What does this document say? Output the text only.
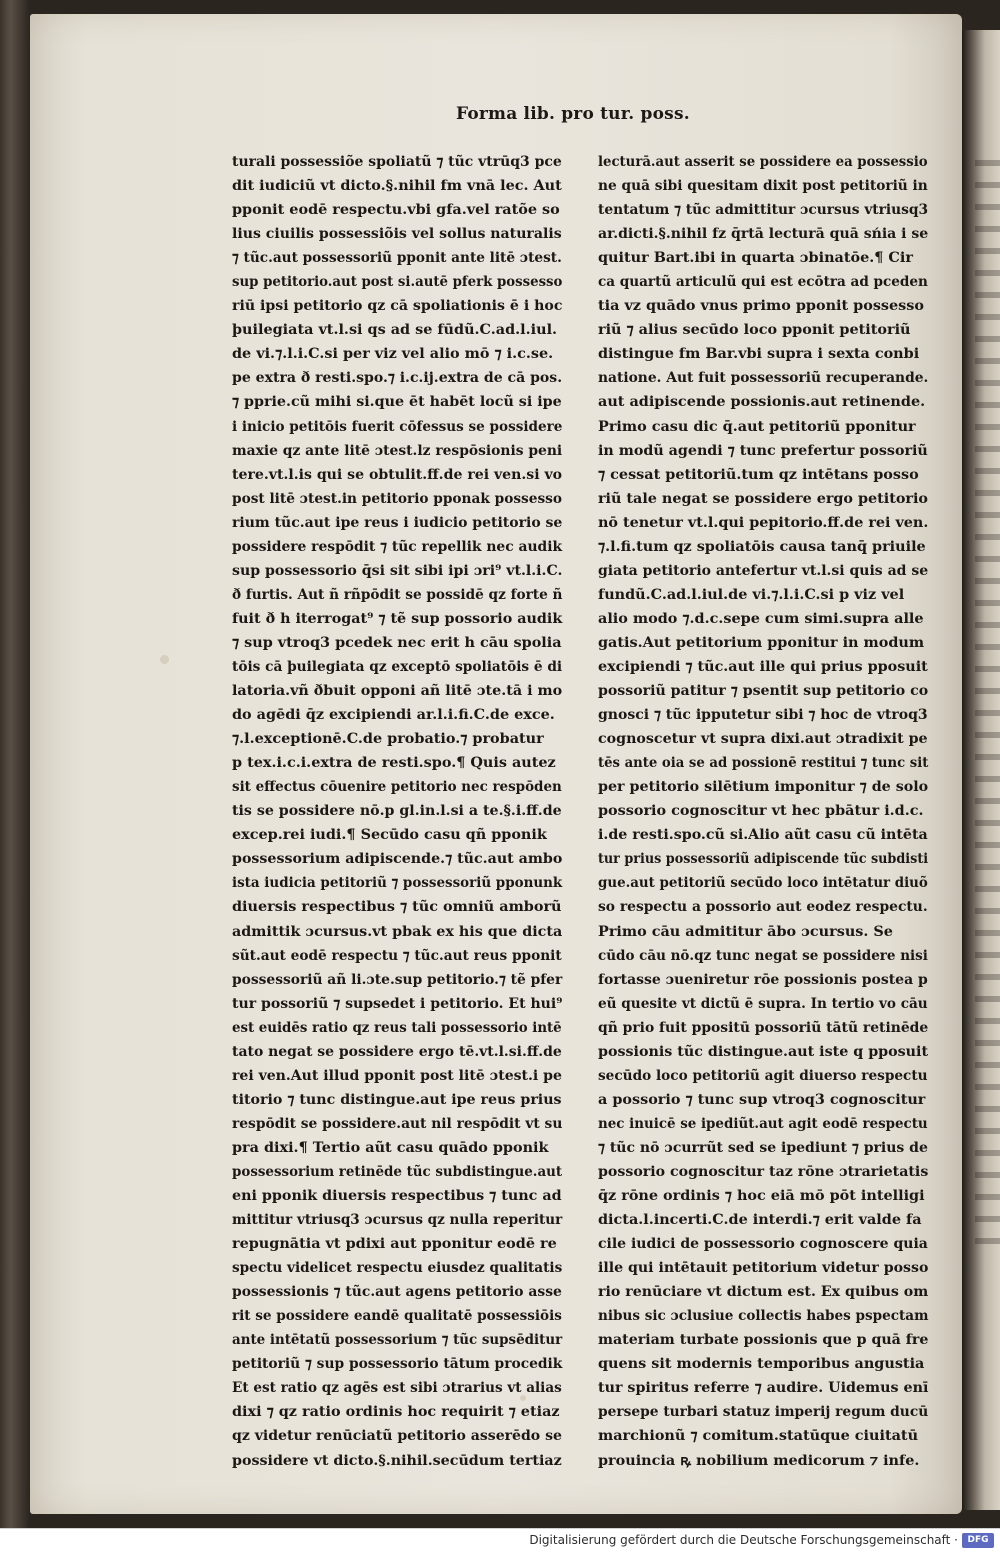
Forma lib. pro tur. poss.
turali possessiõe spoliatũ ⁊ tũc vtrūq3 pce
dit iudiciũ vt dicto.§.nihil fm vnā lec. Aut
pponit eodē respectu.vbi gfa.vel ratõe so
lius ciuilis possessiõis vel sollus naturalis
⁊ tũc.aut possessoriũ pponit ante litē ɔtest.
sup petitorio.aut post si.autē pferk possesso
riū ipsi petitorio qz cā spoliationis ē i hoc
þuilegiata vt.l.si qs ad se fūdũ.C.ad.l.iul.
de vi.⁊.l.i.C.si per viz vel alio mō ⁊ i.c.se.
pe extra ð resti.spo.⁊ i.c.ij.extra de cā pos.
⁊ pprie.cũ mihi si.que ēt habēt locũ si ipe
i inicio petitōis fuerit cōfessus se possidere
maxie qz ante litē ɔtest.lz respōsionis peni
tere.vt.l.is qui se obtulit.ff.de rei ven.si vo
post litē ɔtest.in petitorio pponak possesso
rium tũc.aut ipe reus i iudicio petitorio se
possidere respōdit ⁊ tũc repellik nec audik
sup possessorio q̄si sit sibi ipi ɔri⁹ vt.l.i.C.
ð furtis. Aut ñ rñpōdit se possidē qz forte ñ
fuit ð h iterrogat⁹ ⁊ tẽ sup possorio audik
⁊ sup vtroq3 pcedek nec erit h cāu spolia
tōis cā þuilegiata qz exceptō spoliatōis ē di
latoria.vñ ðbuit opponi añ litē ɔte.tā i mo
do agēdi q̄z excipiendi ar.l.i.fi.C.de exce.
⁊.l.exceptionē.C.de probatio.⁊ probatur
p tex.i.c.i.extra de resti.spo.¶ Quis autez
sit effectus cōuenire petitorio nec respōden
tis se possidere nō.p gl.in.l.si a te.§.i.ff.de
excep.rei iudi.¶ Secūdo casu qñ pponik
possessorium adipiscende.⁊ tũc.aut ambo
ista iudicia petitoriũ ⁊ possessoriũ pponunk
diuersis respectibus ⁊ tũc omniũ amborũ
admittik ɔcursus.vt pbak ex his que dicta
sũt.aut eodē respectu ⁊ tũc.aut reus pponit
possessoriũ añ li.ɔte.sup petitorio.⁊ tẽ pfer
tur possoriũ ⁊ supsedet i petitorio. Et hui⁹
est euidēs ratio qz reus tali possessorio intē
tato negat se possidere ergo tē.vt.l.si.ff.de
rei ven.Aut illud pponit post litē ɔtest.i pe
titorio ⁊ tunc distingue.aut ipe reus prius
respōdit se possidere.aut nil respōdit vt su
pra dixi.¶ Tertio aũt casu quādo pponik
possessorium retinēde tũc subdistingue.aut
eni pponik diuersis respectibus ⁊ tunc ad
mittitur vtriusq3 ɔcursus qz nulla reperitur
repugnātia vt pdixi aut pponitur eodē re
spectu videlicet respectu eiusdez qualitatis
possessionis ⁊ tũc.aut agens petitorio asse
rit se possidere eandē qualitatē possessiōis
ante intētatũ possessorium ⁊ tũc supsēditur
petitoriũ ⁊ sup possessorio tātum procedik
Et est ratio qz agēs est sibi ɔtrarius vt alias
dixi ⁊ qz ratio ordinis hoc requirit ⁊ etiaz
qz videtur renūciatũ petitorio asserēdo se
possidere vt dicto.§.nihil.secūdum tertiaz
lecturā.aut asserit se possidere ea possessio
ne quā sibi quesitam dixit post petitoriũ in
tentatum ⁊ tũc admittitur ɔcursus vtriusq3
ar.dicti.§.nihil fz q̄rtā lecturā quā sńia i se
quitur Bart.ibi in quarta ɔbinatōe.¶ Cir
ca quartũ articulũ qui est ecōtra ad pceden
tia vz quādo vnus primo pponit possesso
riũ ⁊ alius secūdo loco pponit petitoriũ
distingue fm Bar.vbi supra i sexta conbi
natione. Aut fuit possessoriũ recuperande.
aut adipiscende possionis.aut retinende.
Primo casu dic q̄.aut petitoriũ pponitur
in modũ agendi ⁊ tunc prefertur possoriũ
⁊ cessat petitoriũ.tum qz intētans posso
riũ tale negat se possidere ergo petitorio
nō tenetur vt.l.qui pepitorio.ff.de rei ven.
⁊.l.fi.tum qz spoliatōis causa tanq̄ priuile
giata petitorio antefertur vt.l.si quis ad se
fundũ.C.ad.l.iul.de vi.⁊.l.i.C.si p viz vel
alio modo ⁊.d.c.sepe cum simi.supra alle
gatis.Aut petitorium pponitur in modum
excipiendi ⁊ tũc.aut ille qui prius pposuit
possoriũ patitur ⁊ psentit sup petitorio co
gnosci ⁊ tũc ipputetur sibi ⁊ hoc de vtroq3
cognoscetur vt supra dixi.aut ɔtradixit pe
tēs ante oia se ad possionē restitui ⁊ tunc sit
per petitorio silētium imponitur ⁊ de solo
possorio cognoscitur vt hec pbātur i.d.c.
i.de resti.spo.cũ si.Alio aũt casu cũ intēta
tur prius possessoriũ adipiscende tũc subdisti
gue.aut petitoriũ secūdo loco intētatur diuõ
so respectu a possorio aut eodez respectu.
Primo cāu admititur ābo ɔcursus. Se
cūdo cāu nō.qz tunc negat se possidere nisi
fortasse ɔueniretur rōe possionis postea p
eũ quesite vt dictũ ē supra. In tertio vo cāu
qñ prio fuit ppositū possoriũ tātũ retinēde
possionis tũc distingue.aut iste q pposuit
secūdo loco petitoriũ agit diuerso respectu
a possorio ⁊ tunc sup vtroq3 cognoscitur
nec inuicē se ipediũt.aut agit eodē respectu
⁊ tũc nō ɔcurrũt sed se ipediunt ⁊ prius de
possorio cognoscitur taz rōne ɔtrarietatis
q̄z rōne ordinis ⁊ hoc eiā mō pōt intelligi
dicta.l.incerti.C.de interdi.⁊ erit valde fa
cile iudici de possessorio cognoscere quia
ille qui intētauit petitorium videtur posso
rio renūciare vt dictum est. Ex quibus om
nibus sic ɔclusiue collectis habes pspectam
materiam turbate possionis que p quā fre
quens sit modernis temporibus angustia
tur spiritus referre ⁊ audire. Uidemus enī
persepe turbari statuz imperij regum ducū
marchionũ ⁊ comitum.statūque ciuitatū
prouincia ꝶ nobilium medicorum ⁊ infe.
Digitalisierung gefördert durch die Deutsche Forschungsgemeinschaft ·	DFG
